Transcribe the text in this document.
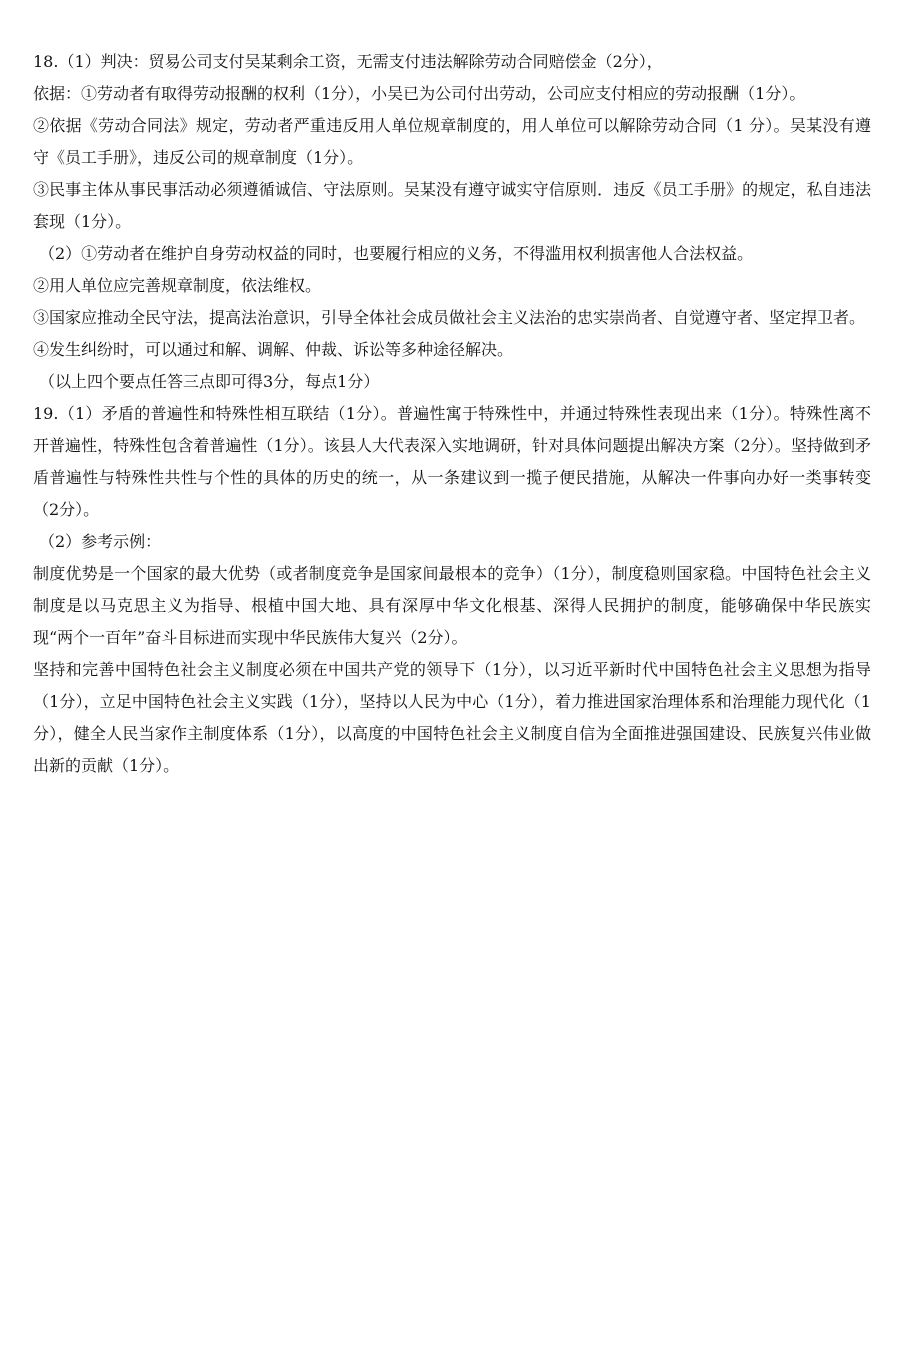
18.（1）判决：贸易公司支付吴某剩余工资，无需支付违法解除劳动合同赔偿金（2分），

依据：①劳动者有取得劳动报酬的权利（1分），小吴已为公司付出劳动，公司应支付相应的劳动报酬（1分）。

②依据《劳动合同法》规定，劳动者严重违反用人单位规章制度的，用人单位可以解除劳动合同（1 分）。吴某没有遵守《员工手册》，违反公司的规章制度（1分）。

③民事主体从事民事活动必须遵循诚信、守法原则。吴某没有遵守诚实守信原则．违反《员工手册》的规定，私自违法套现（1分）。

（2）①劳动者在维护自身劳动权益的同时，也要履行相应的义务，不得滥用权利损害他人合法权益。

②用人单位应完善规章制度，依法维权。

③国家应推动全民守法，提高法治意识，引导全体社会成员做社会主义法治的忠实崇尚者、自觉遵守者、坚定捍卫者。

④发生纠纷时，可以通过和解、调解、仲裁、诉讼等多种途径解决。

（以上四个要点任答三点即可得3分，每点1分）

19.（1）矛盾的普遍性和特殊性相互联结（1分）。普遍性寓于特殊性中，并通过特殊性表现出来（1分）。特殊性离不开普遍性，特殊性包含着普遍性（1分）。该县人大代表深入实地调研，针对具体问题提出解决方案（2分）。坚持做到矛盾普遍性与特殊性共性与个性的具体的历史的统一，从一条建议到一揽子便民措施，从解决一件事向办好一类事转变（2分）。

（2）参考示例：

制度优势是一个国家的最大优势（或者制度竞争是国家间最根本的竞争）（1分），制度稳则国家稳。中国特色社会主义制度是以马克思主义为指导、根植中国大地、具有深厚中华文化根基、深得人民拥护的制度，能够确保中华民族实现“两个一百年”奋斗目标进而实现中华民族伟大复兴（2分）。

坚持和完善中国特色社会主义制度必须在中国共产党的领导下（1分），以习近平新时代中国特色社会主义思想为指导（1分），立足中国特色社会主义实践（1分），坚持以人民为中心（1分），着力推进国家治理体系和治理能力现代化（1分），健全人民当家作主制度体系（1分），以高度的中国特色社会主义制度自信为全面推进强国建设、民族复兴伟业做出新的贡献（1分）。
